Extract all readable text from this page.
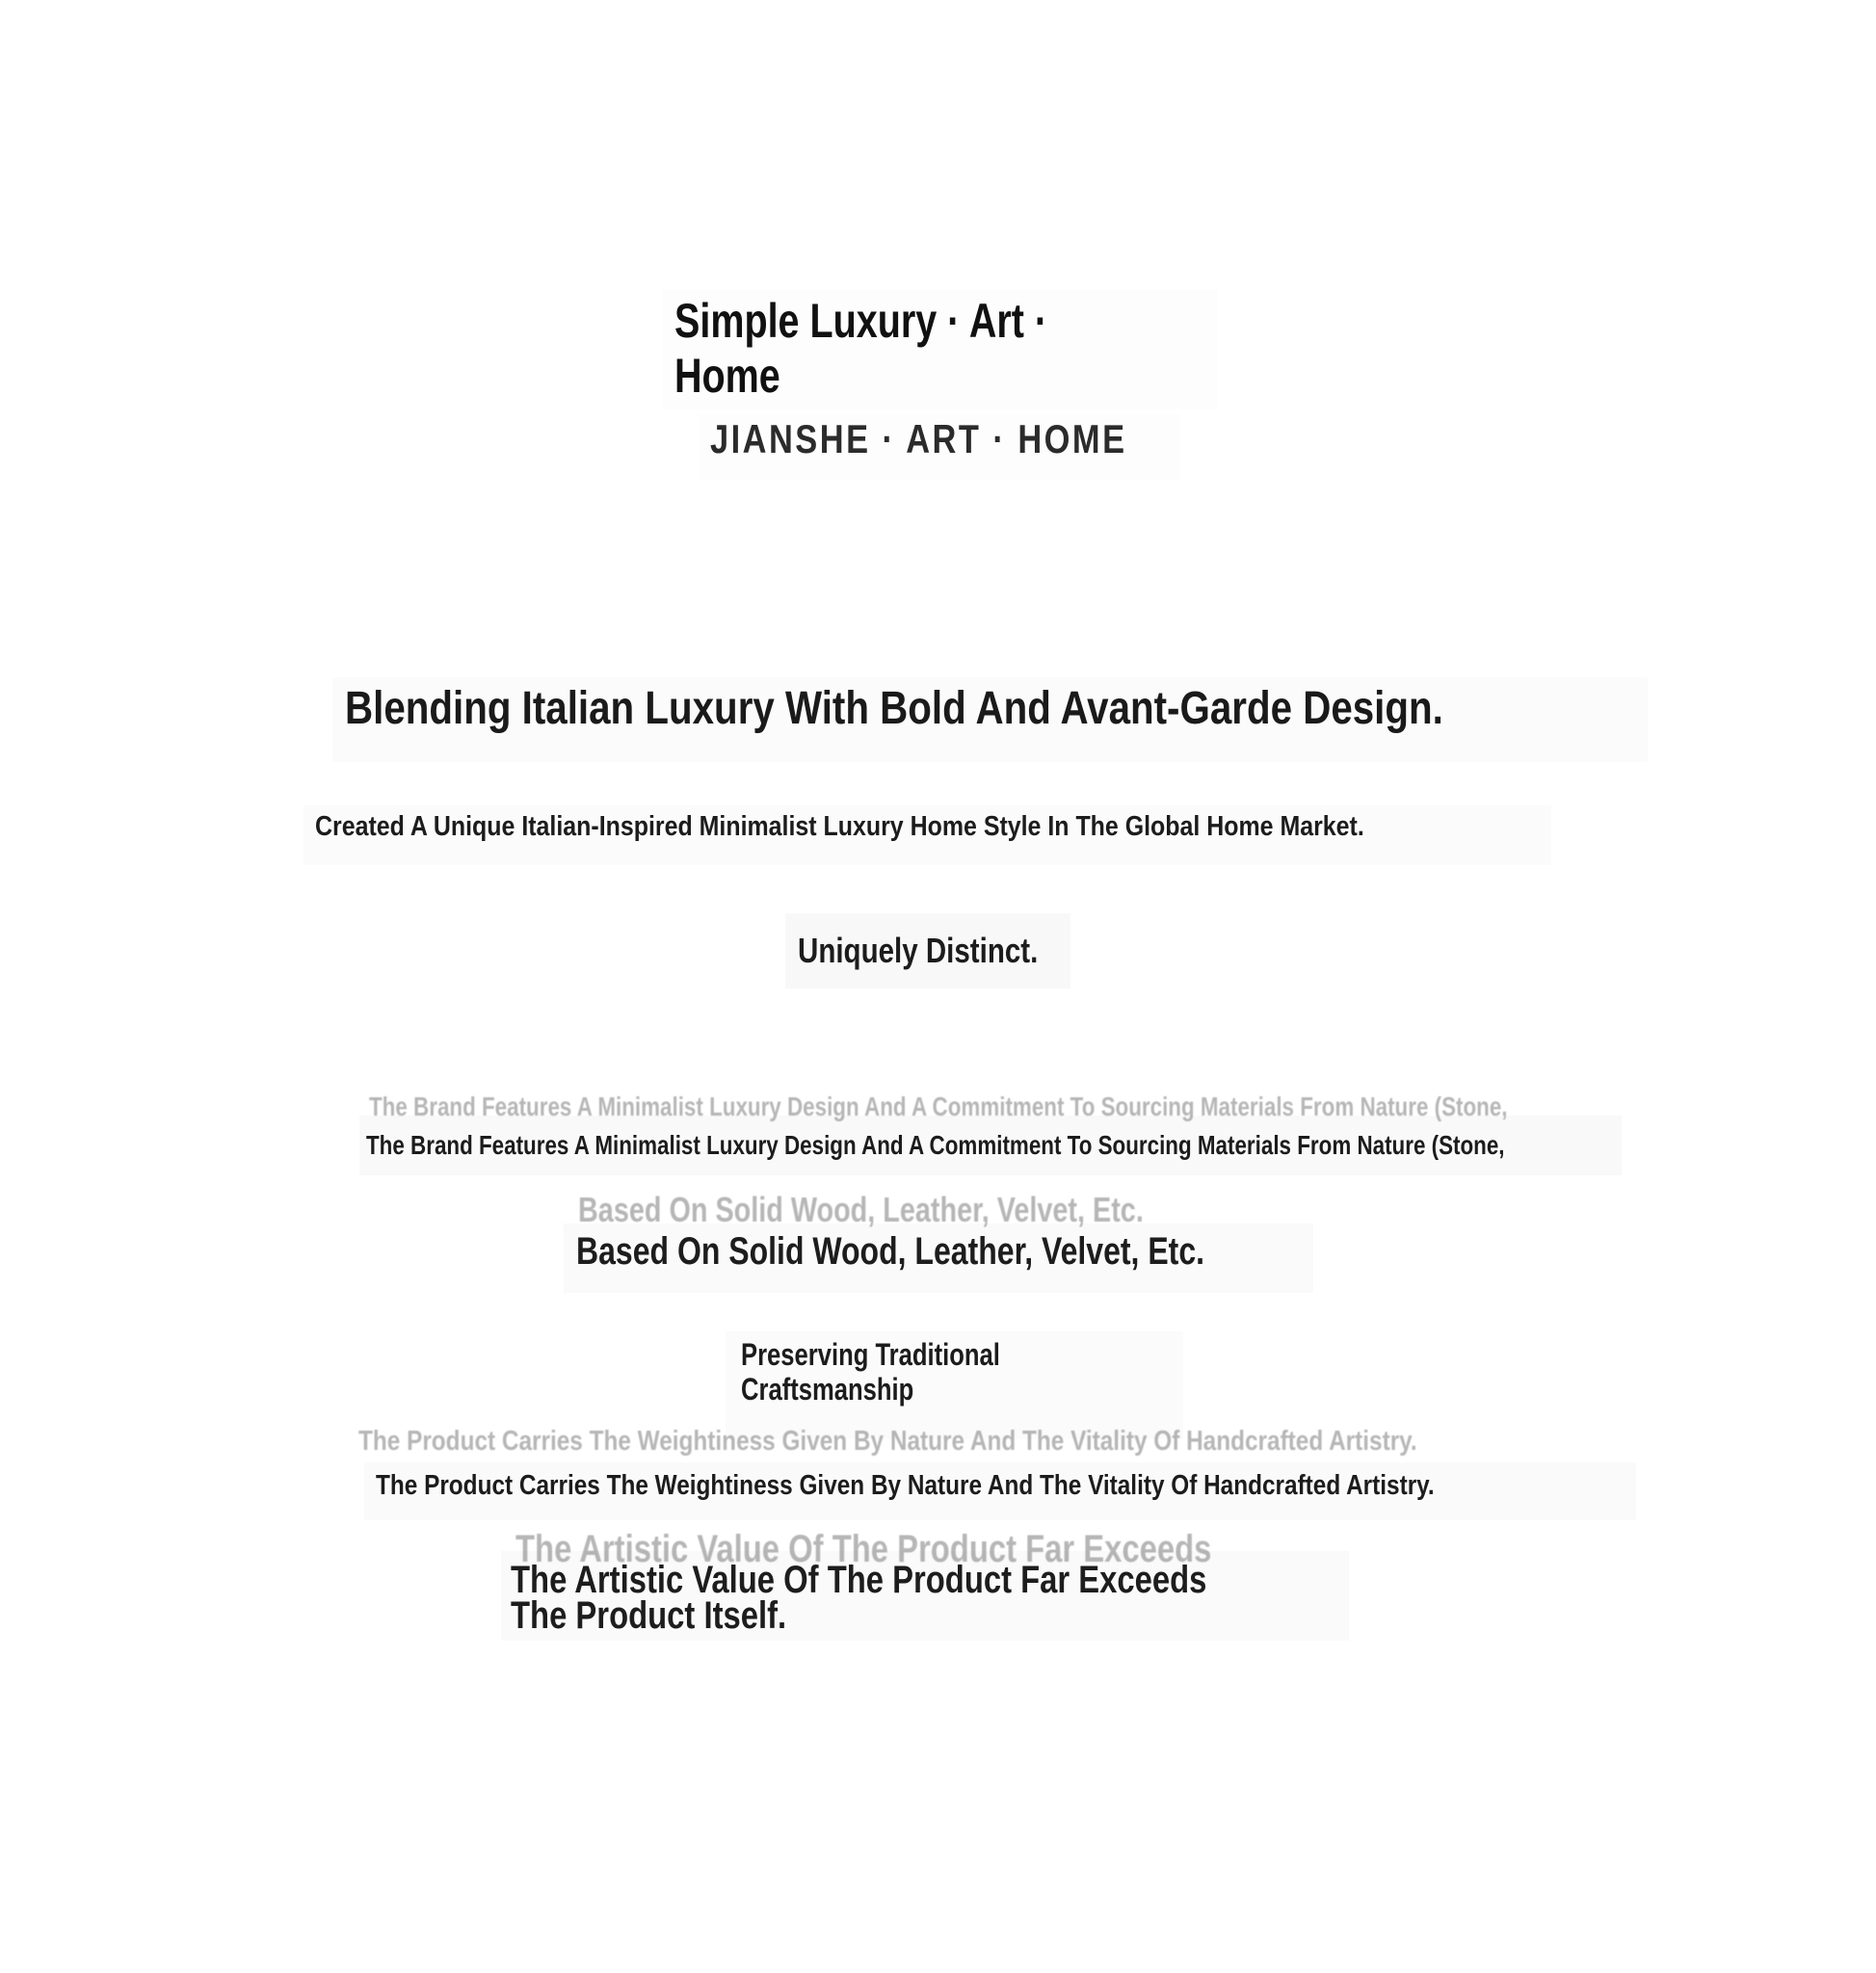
The Brand Features A Minimalist Luxury Design And A Commitment To Sourcing Materials From Nature (Stone,
Based On Solid Wood, Leather, Velvet, Etc.
The Product Carries The Weightiness Given By Nature And The Vitality Of Handcrafted Artistry.
The Artistic Value Of The Product Far Exceeds
Simple Luxury · Art ·
Home
JIANSHE · ART · HOME
Blending Italian Luxury With Bold And Avant-Garde Design.
Created A Unique Italian-Inspired Minimalist Luxury Home Style In The Global Home Market.
Uniquely Distinct.
The Brand Features A Minimalist Luxury Design And A Commitment To Sourcing Materials From Nature (Stone,
Based On Solid Wood, Leather, Velvet, Etc.
Preserving Traditional
Craftsmanship
The Product Carries The Weightiness Given By Nature And The Vitality Of Handcrafted Artistry.
The Artistic Value Of The Product Far Exceeds
The Product Itself.
